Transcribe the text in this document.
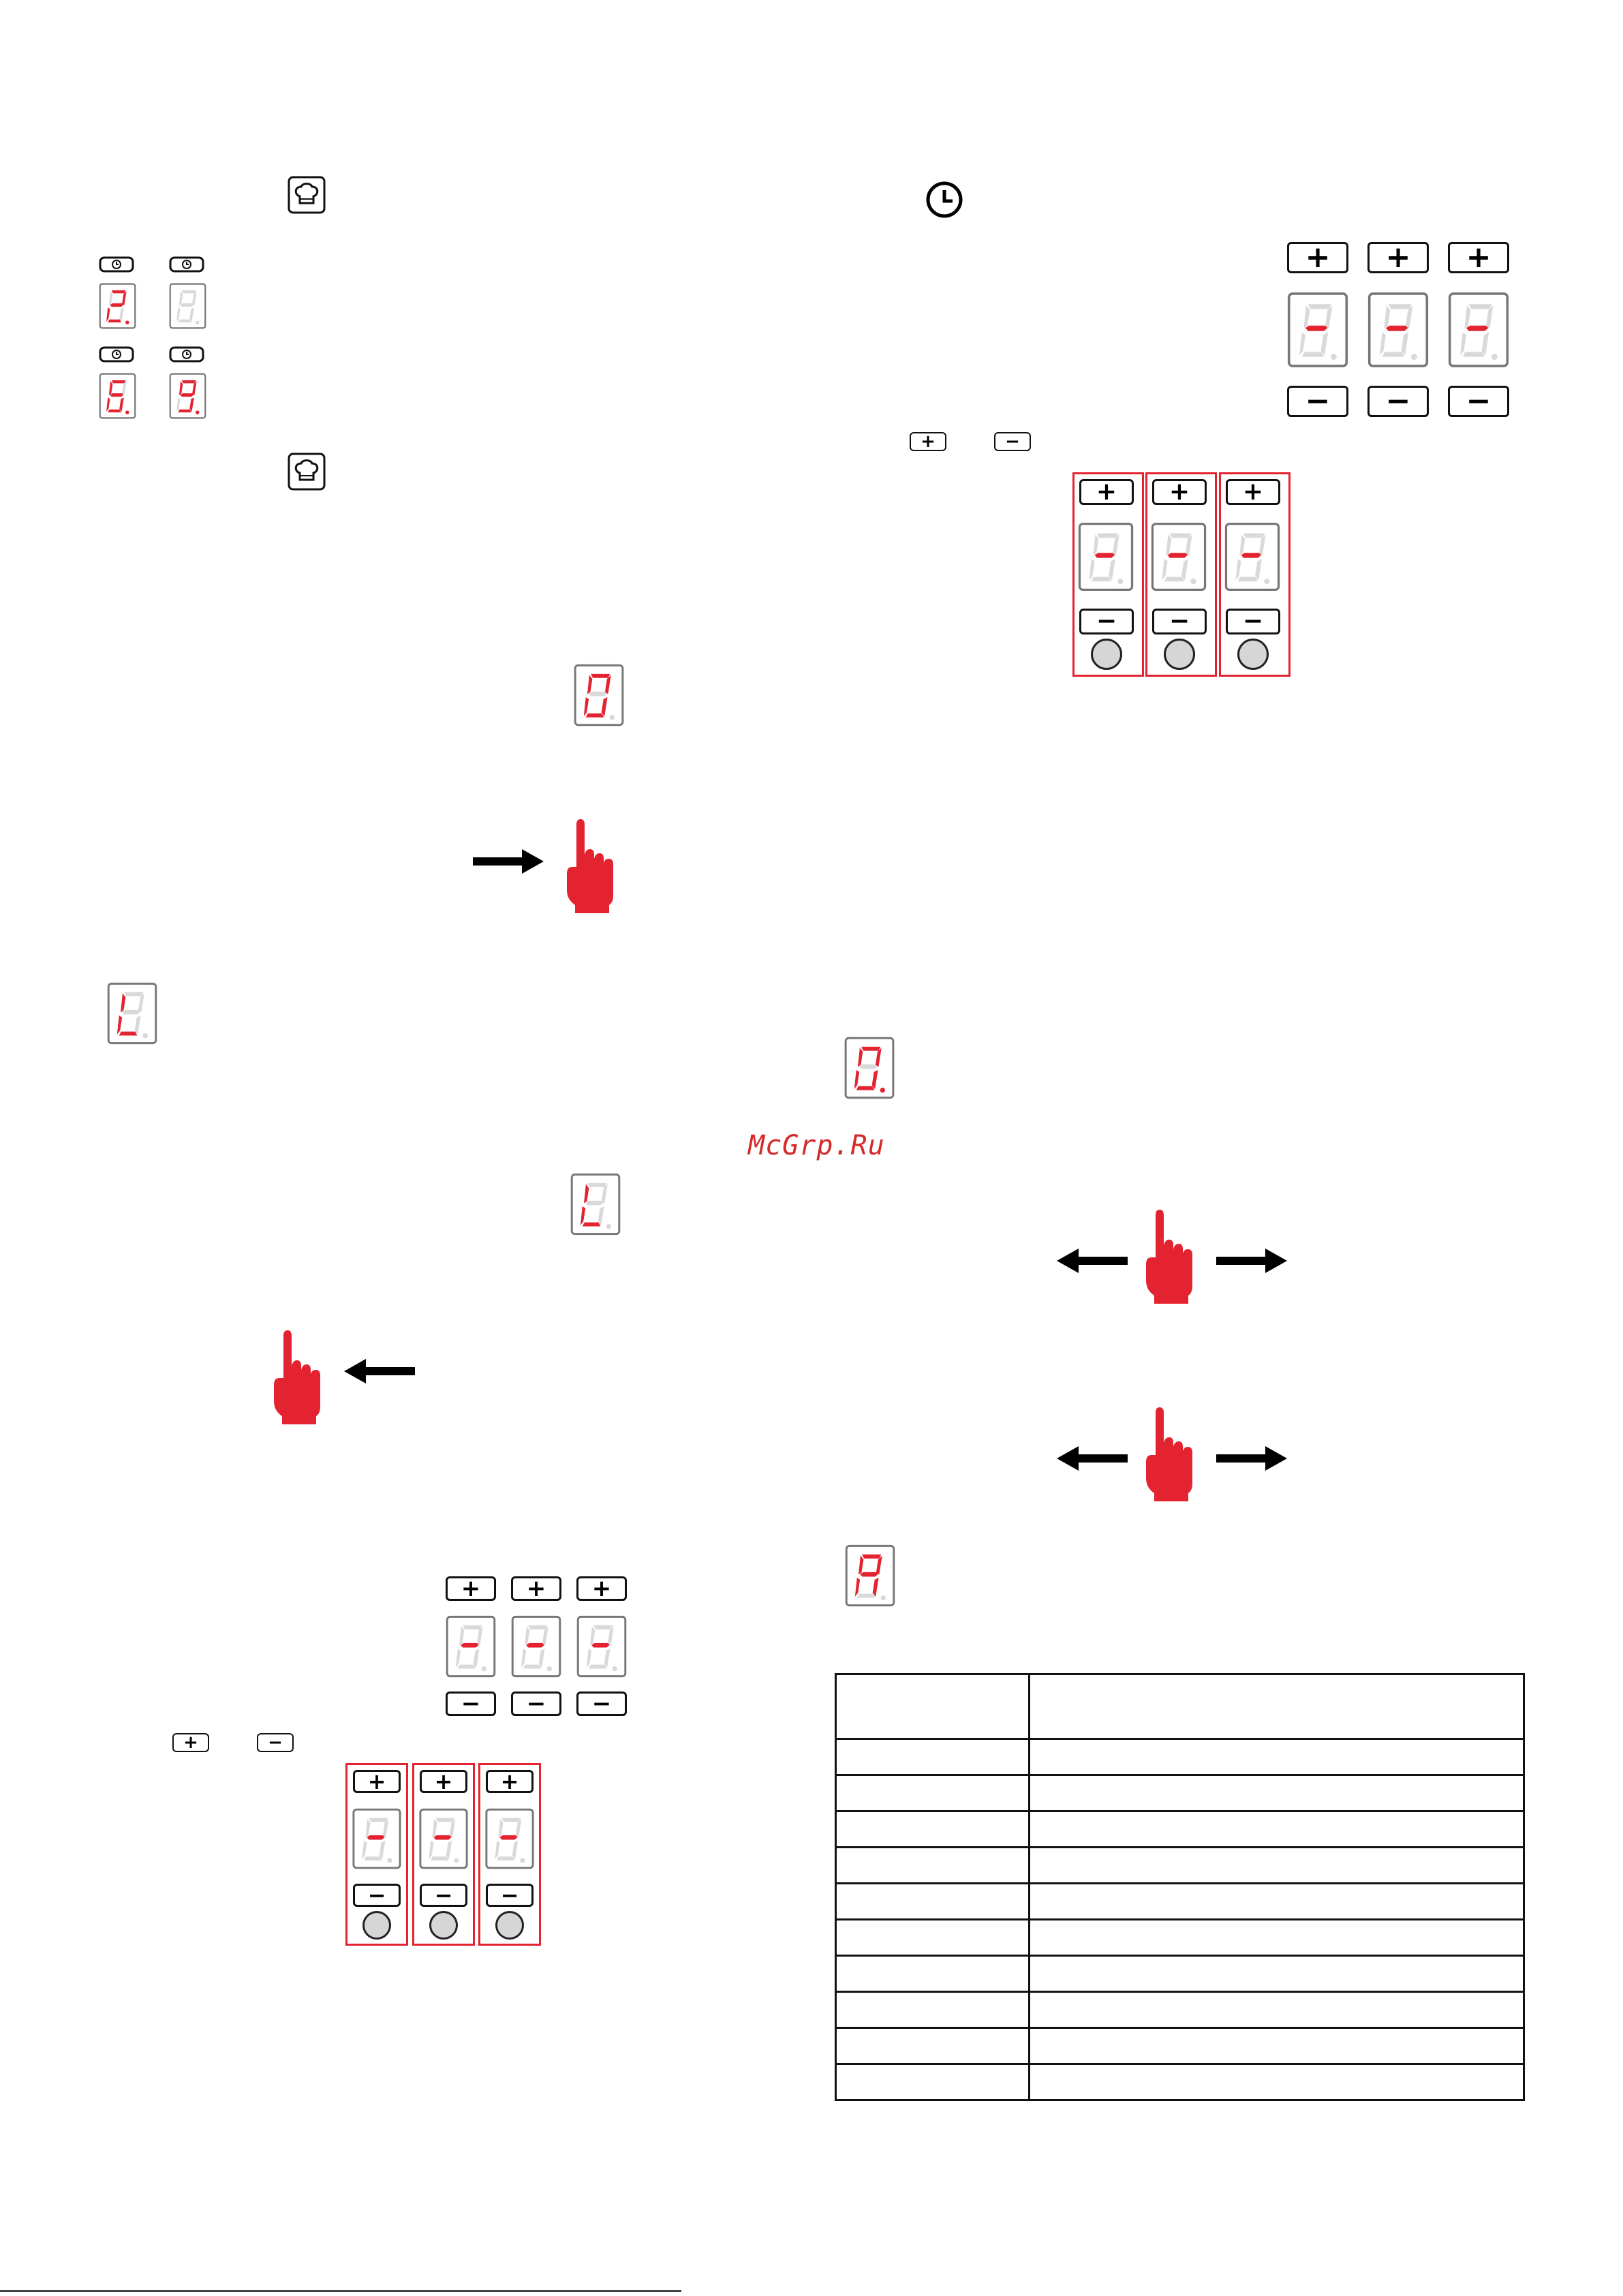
+	+	+
−	−	−
+	−
+	+	+
−	−	−
+	+	+
−	−	−
+	−
+	+	+
−	−	−
McGrp.Ru
